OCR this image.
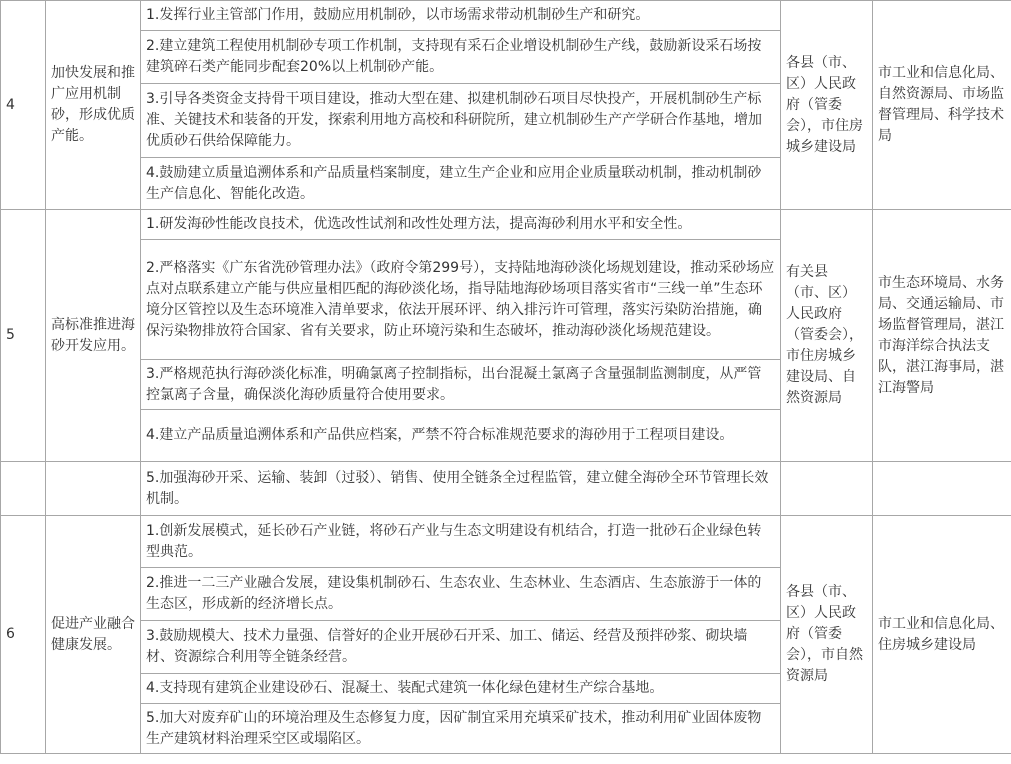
4	加快发展和推广应用机制砂，形成优质产能。	1.发挥行业主管部门作用，鼓励应用机制砂，以市场需求带动机制砂生产和研究。	各县（市、区）人民政府（管委会），市住房城乡建设局	市工业和信息化局、自然资源局、市场监督管理局、科学技术局
		2.建立建筑工程使用机制砂专项工作机制，支持现有采石企业增设机制砂生产线，鼓励新设采石场按建筑碎石类产能同步配套20%以上机制砂产能。		
		3.引导各类资金支持骨干项目建设，推动大型在建、拟建机制砂石项目尽快投产，开展机制砂生产标准、关键技术和装备的开发，探索利用地方高校和科研院所，建立机制砂生产产学研合作基地，增加优质砂石供给保障能力。		
		4.鼓励建立质量追溯体系和产品质量档案制度，建立生产企业和应用企业质量联动机制，推动机制砂生产信息化、智能化改造。		
5	高标准推进海砂开发应用。	1.研发海砂性能改良技术，优选改性试剂和改性处理方法，提高海砂利用水平和安全性。	有关县（市、区）人民政府（管委会），市住房城乡建设局、自然资源局	市生态环境局、水务局、交通运输局、市场监督管理局，湛江市海洋综合执法支队，湛江海事局，湛江海警局
		2.严格落实《广东省洗砂管理办法》（政府令第299号），支持陆地海砂淡化场规划建设，推动采砂场应点对点联系建立产能与供应量相匹配的海砂淡化场，指导陆地海砂场项目落实省市“三线一单”生态环境分区管控以及生态环境准入清单要求，依法开展环评、纳入排污许可管理，落实污染防治措施，确保污染物排放符合国家、省有关要求，防止环境污染和生态破坏，推动海砂淡化场规范建设。		
		3.严格规范执行海砂淡化标准，明确氯离子控制指标，出台混凝土氯离子含量强制监测制度，从严管控氯离子含量，确保淡化海砂质量符合使用要求。		
		4.建立产品质量追溯体系和产品供应档案，严禁不符合标准规范要求的海砂用于工程项目建设。		
		5.加强海砂开采、运输、装卸（过驳）、销售、使用全链条全过程监管，建立健全海砂全环节管理长效机制。		
6	促进产业融合健康发展。	1.创新发展模式，延长砂石产业链，将砂石产业与生态文明建设有机结合，打造一批砂石企业绿色转型典范。	各县（市、区）人民政府（管委会），市自然资源局	市工业和信息化局、住房城乡建设局
		2.推进一二三产业融合发展，建设集机制砂石、生态农业、生态林业、生态酒店、生态旅游于一体的生态区，形成新的经济增长点。		
		3.鼓励规模大、技术力量强、信誉好的企业开展砂石开采、加工、储运、经营及预拌砂浆、砌块墙材、资源综合利用等全链条经营。		
		4.支持现有建筑企业建设砂石、混凝土、装配式建筑一体化绿色建材生产综合基地。		
		5.加大对废弃矿山的环境治理及生态修复力度，因矿制宜采用充填采矿技术，推动利用矿业固体废物生产建筑材料治理采空区或塌陷区。		
